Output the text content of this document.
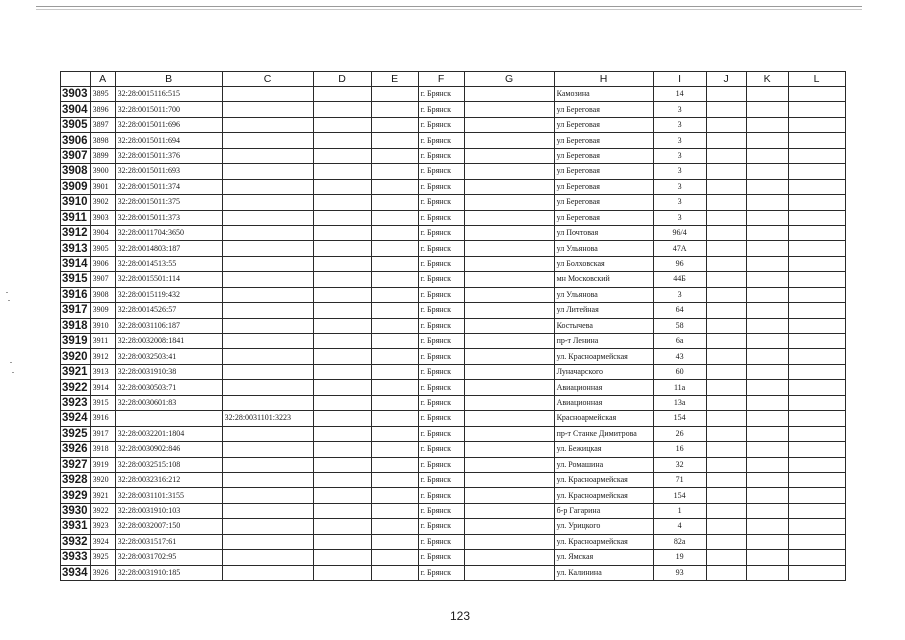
	A	B	C	D	E	F	G	H	I	J	K	L
3903	3895	32:28:0015116:515				г. Брянск		Камозина	14			
3904	3896	32:28:0015011:700				г. Брянск		ул Береговая	3			
3905	3897	32:28:0015011:696				г. Брянск		ул Береговая	3			
3906	3898	32:28:0015011:694				г. Брянск		ул Береговая	3			
3907	3899	32:28:0015011:376				г. Брянск		ул Береговая	3			
3908	3900	32:28:0015011:693				г. Брянск		ул Береговая	3			
3909	3901	32:28:0015011:374				г. Брянск		ул Береговая	3			
3910	3902	32:28:0015011:375				г. Брянск		ул Береговая	3			
3911	3903	32:28:0015011:373				г. Брянск		ул Береговая	3			
3912	3904	32:28:0011704:3650				г. Брянск		ул Почтовая	96/4			
3913	3905	32:28:0014803:187				г. Брянск		ул Ульянова	47А			
3914	3906	32:28:0014513:55				г. Брянск		ул Болховская	96			
3915	3907	32:28:0015501:114				г. Брянск		мн Московский	44Б			
3916	3908	32:28:0015119:432				г. Брянск		ул Ульянова	3			
3917	3909	32:28:0014526:57				г. Брянск		ул Литейная	64			
3918	3910	32:28:0031106:187				г. Брянск		Костычева	58			
3919	3911	32:28:0032008:1841				г. Брянск		пр-т Ленина	6а			
3920	3912	32:28:0032503:41				г. Брянск		ул. Красноармейская	43			
3921	3913	32:28:0031910:38				г. Брянск		Луначарского	60			
3922	3914	32:28:0030503:71				г. Брянск		Авиационная	11а			
3923	3915	32:28:0030601:83				г. Брянск		Авиационная	13а			
3924	3916		32:28:0031101:3223			г. Брянск		Красноармейская	154			
3925	3917	32:28:0032201:1804				г. Брянск		пр-т Станке Димитрова	26			
3926	3918	32:28:0030902:846				г. Брянск		ул. Бежицкая	16			
3927	3919	32:28:0032515:108				г. Брянск		ул. Ромашина	32			
3928	3920	32:28:0032316:212				г. Брянск		ул. Красноармейская	71			
3929	3921	32:28:0031101:3155				г. Брянск		ул. Красноармейская	154			
3930	3922	32:28:0031910:103				г. Брянск		б-р Гагарина	1			
3931	3923	32:28:0032007:150				г. Брянск		ул. Урицкого	4			
3932	3924	32:28:0031517:61				г. Брянск		ул. Красноармейская	82а			
3933	3925	32:28:0031702:95				г. Брянск		ул. Ямская	19			
3934	3926	32:28:0031910:185				г. Брянск		ул. Калинина	93			
123
